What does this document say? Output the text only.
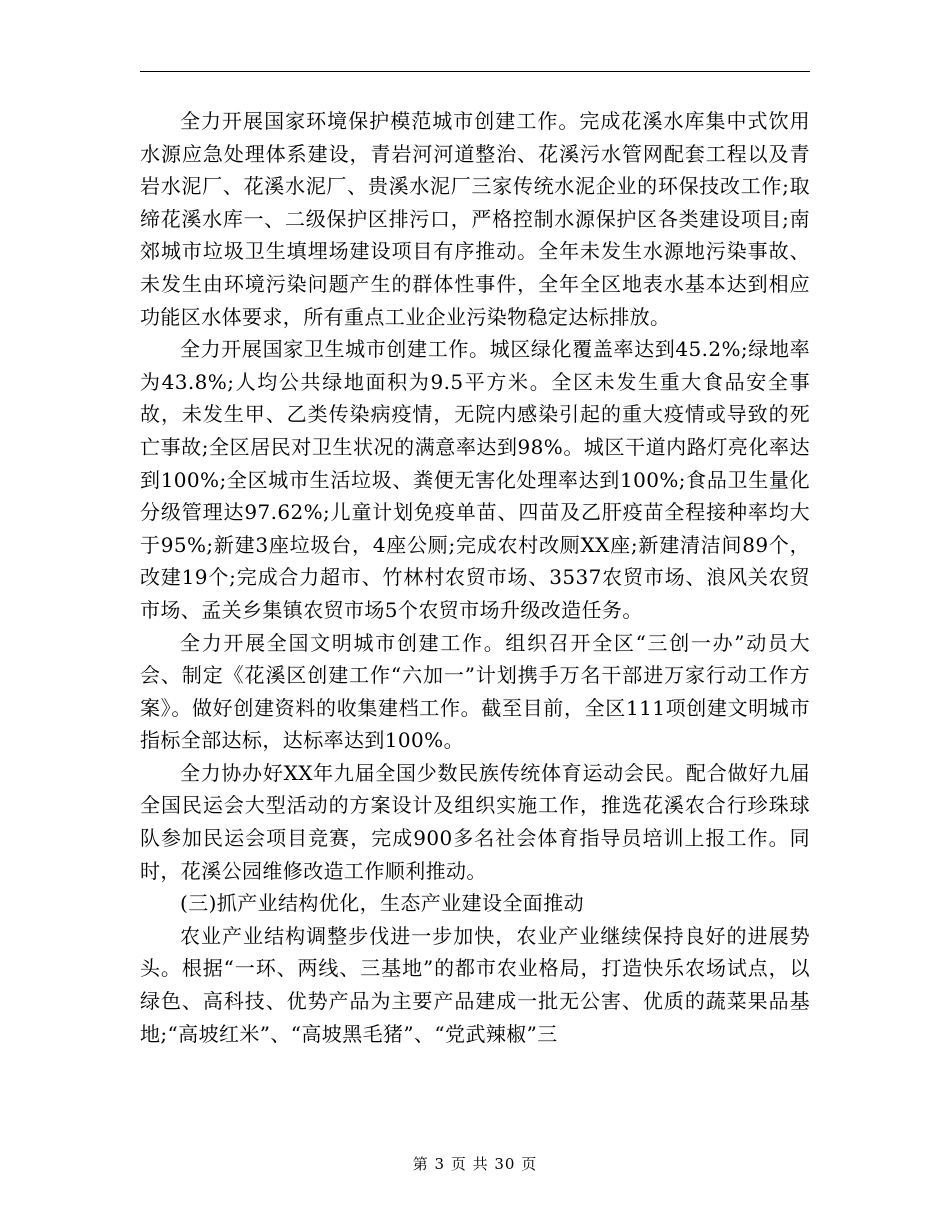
全力开展国家环境保护模范城市创建工作。完成花溪水库集中式饮用水源应急处理体系建设，青岩河河道整治、花溪污水管网配套工程以及青岩水泥厂、花溪水泥厂、贵溪水泥厂三家传统水泥企业的环保技改工作;取缔花溪水库一、二级保护区排污口，严格控制水源保护区各类建设项目;南郊城市垃圾卫生填埋场建设项目有序推动。全年未发生水源地污染事故、未发生由环境污染问题产生的群体性事件，全年全区地表水基本达到相应功能区水体要求，所有重点工业企业污染物稳定达标排放。

全力开展国家卫生城市创建工作。城区绿化覆盖率达到45.2%;绿地率为43.8%;人均公共绿地面积为9.5平方米。全区未发生重大食品安全事故，未发生甲、乙类传染病疫情，无院内感染引起的重大疫情或导致的死亡事故;全区居民对卫生状况的满意率达到98%。城区干道内路灯亮化率达到100%;全区城市生活垃圾、粪便无害化处理率达到100%;食品卫生量化分级管理达97.62%;儿童计划免疫单苗、四苗及乙肝疫苗全程接种率均大于95%;新建3座垃圾台，4座公厕;完成农村改厕XX座;新建清洁间89个，改建19个;完成合力超市、竹林村农贸市场、3537农贸市场、浪风关农贸市场、孟关乡集镇农贸市场5个农贸市场升级改造任务。

全力开展全国文明城市创建工作。组织召开全区“三创一办”动员大会、制定《花溪区创建工作“六加一”计划携手万名干部进万家行动工作方案》。做好创建资料的收集建档工作。截至目前，全区111项创建文明城市指标全部达标，达标率达到100%。

全力协办好XX年九届全国少数民族传统体育运动会民。配合做好九届全国民运会大型活动的方案设计及组织实施工作，推选花溪农合行珍珠球队参加民运会项目竞赛，完成900多名社会体育指导员培训上报工作。同时，花溪公园维修改造工作顺利推动。

(三)抓产业结构优化，生态产业建设全面推动

农业产业结构调整步伐进一步加快，农业产业继续保持良好的进展势头。根据“一环、两线、三基地”的都市农业格局，打造快乐农场试点，以绿色、高科技、优势产品为主要产品建成一批无公害、优质的蔬菜果品基地;“高坡红米”、“高坡黑毛猪”、“党武辣椒”三

第 3 页 共 30 页
